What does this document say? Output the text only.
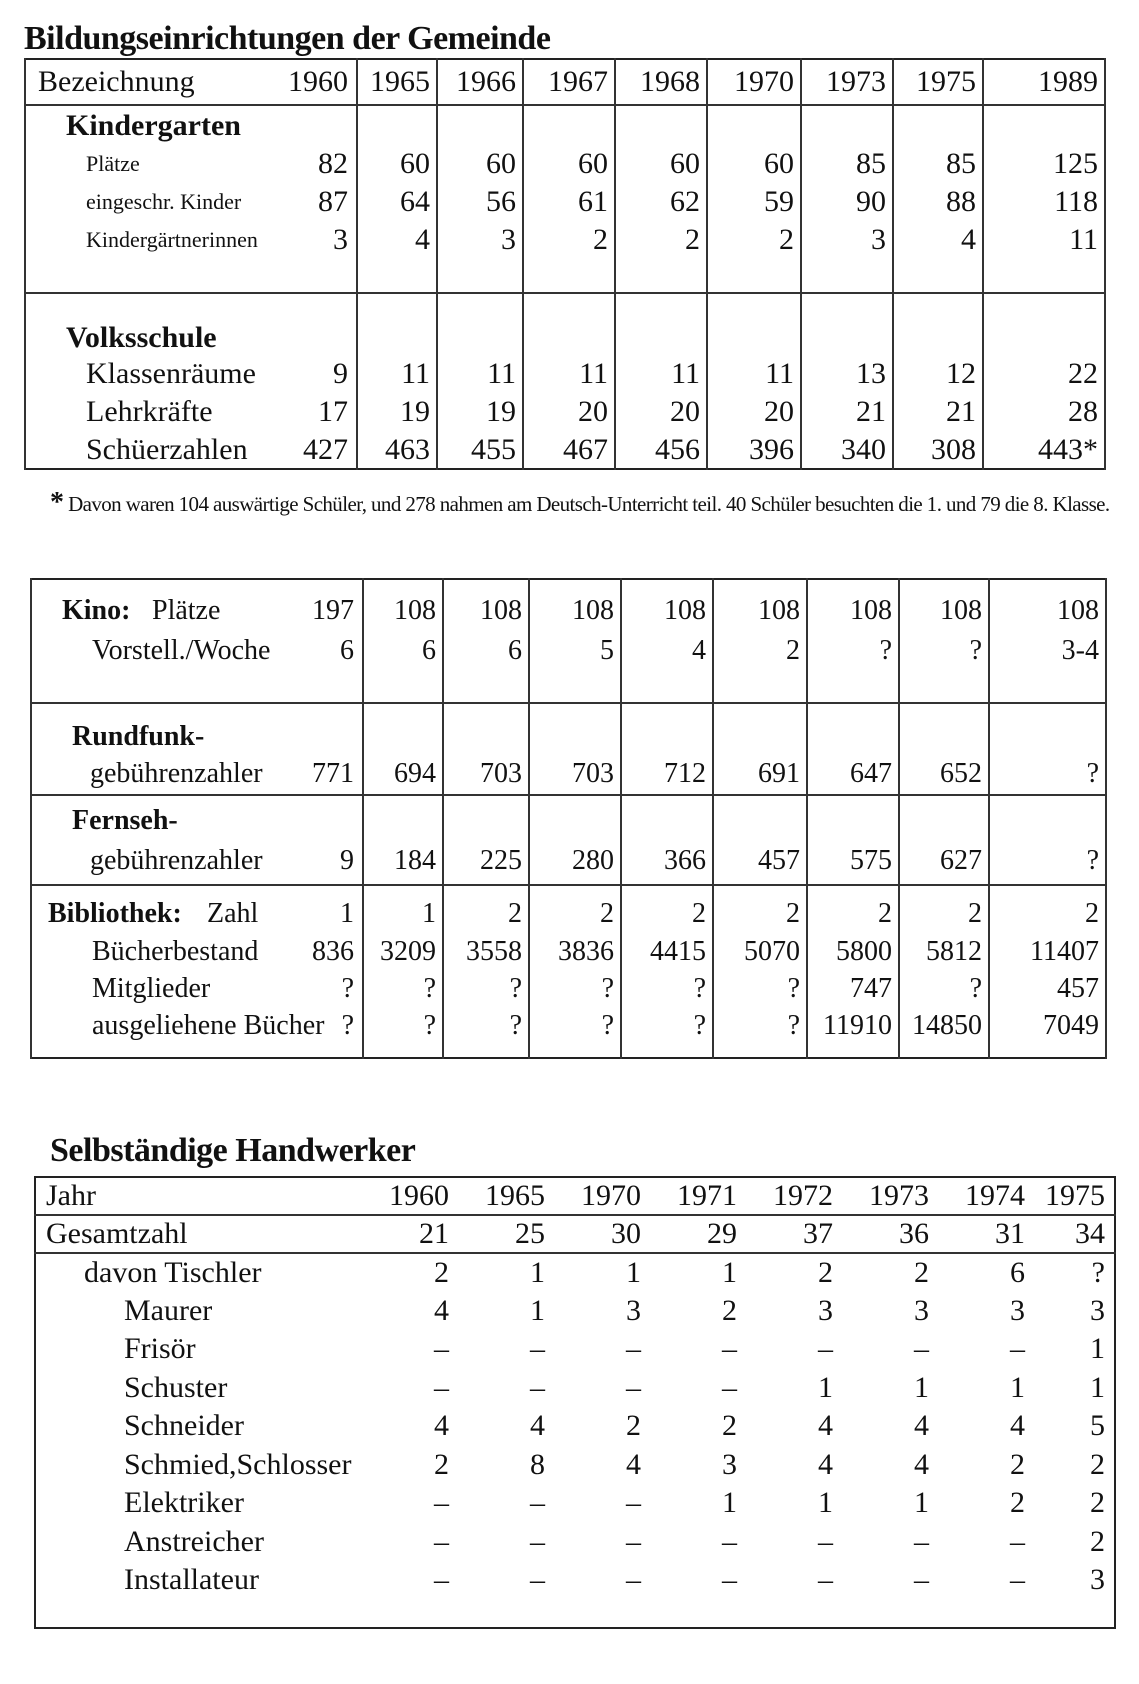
Bildungseinrichtungen der Gemeinde
Bezeichnung 1960	1965	1966	1967	1968	1970	1973	1975	1989
Kindergarten								

Plätze 82	60	60	60	60	60	85	85	125

eingeschr. Kinder 87	64	56	61	62	59	90	88	118

Kindergärtnerinnen 3	4	3	2	2	2	3	4	11

Volksschule								

Klassenräume 9	11	11	11	11	11	13	12	22

Lehrkräfte 17	19	19	20	20	20	21	21	28

Schüerzahlen 427	463	455	467	456	396	340	308	443*
* Davon waren 104 auswärtige Schüler, und 278 nahmen am Deutsch-Unterricht teil. 40 Schüler besuchten die 1. und 79 die 8. Klasse.

Kino: Plätze 197	108	108	108	108	108	108	108	108

Vorstell./Woche 6	6	6	5	4	2	?	?	3-4

Rundfunk-								

gebührenzahler 771	694	703	703	712	691	647	652	?
Fernseh-								

gebührenzahler 9	184	225	280	366	457	575	627	?

Bibliothek: Zahl 1	1	2	2	2	2	2	2	2

Bücherbestand 836	3209	3558	3836	4415	5070	5800	5812	11407

Mitglieder ?	?	?	?	?	?	747	?	457

ausgeliehene Bücher ?	?	?	?	?	?	11910	14850	7049

Selbständige Handwerker
Jahr	1960	1965	1970	1971	1972	1973	1974	1975	
Gesamtzahl	21	25	30	29	37	36	31	34	
davon Tischler	2	1	1	1	2	2	6	?	
Maurer	4	1	3	2	3	3	3	3	
Frisör	–	–	–	–	–	–	–	1	
Schuster	–	–	–	–	1	1	1	1	
Schneider	4	4	2	2	4	4	4	5	
Schmied,Schlosser	2	8	4	3	4	4	2	2	
Elektriker	–	–	–	1	1	1	2	2	
Anstreicher	–	–	–	–	–	–	–	2	
Installateur	–	–	–	–	–	–	–	3	
